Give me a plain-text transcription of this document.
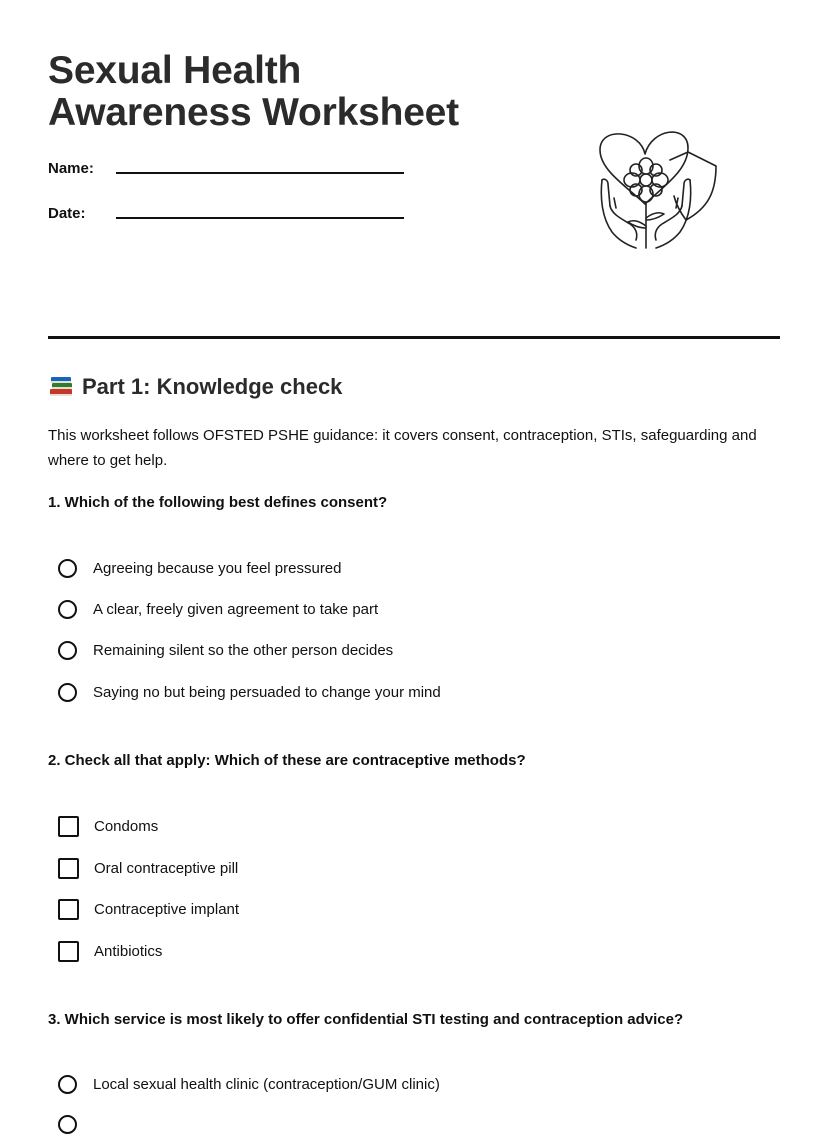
Sexual Health
Awareness Worksheet
Name:
Date:
Part 1: Knowledge check
This worksheet follows OFSTED PSHE guidance: it covers consent, contraception, STIs, safeguarding and where to get help.
1. Which of the following best defines consent?
Agreeing because you feel pressured
A clear, freely given agreement to take part
Remaining silent so the other person decides
Saying no but being persuaded to change your mind
2. Check all that apply: Which of these are contraceptive methods?
Condoms
Oral contraceptive pill
Contraceptive implant
Antibiotics
3. Which service is most likely to offer confidential STI testing and contraception advice?
Local sexual health clinic (contraception/GUM clinic)
